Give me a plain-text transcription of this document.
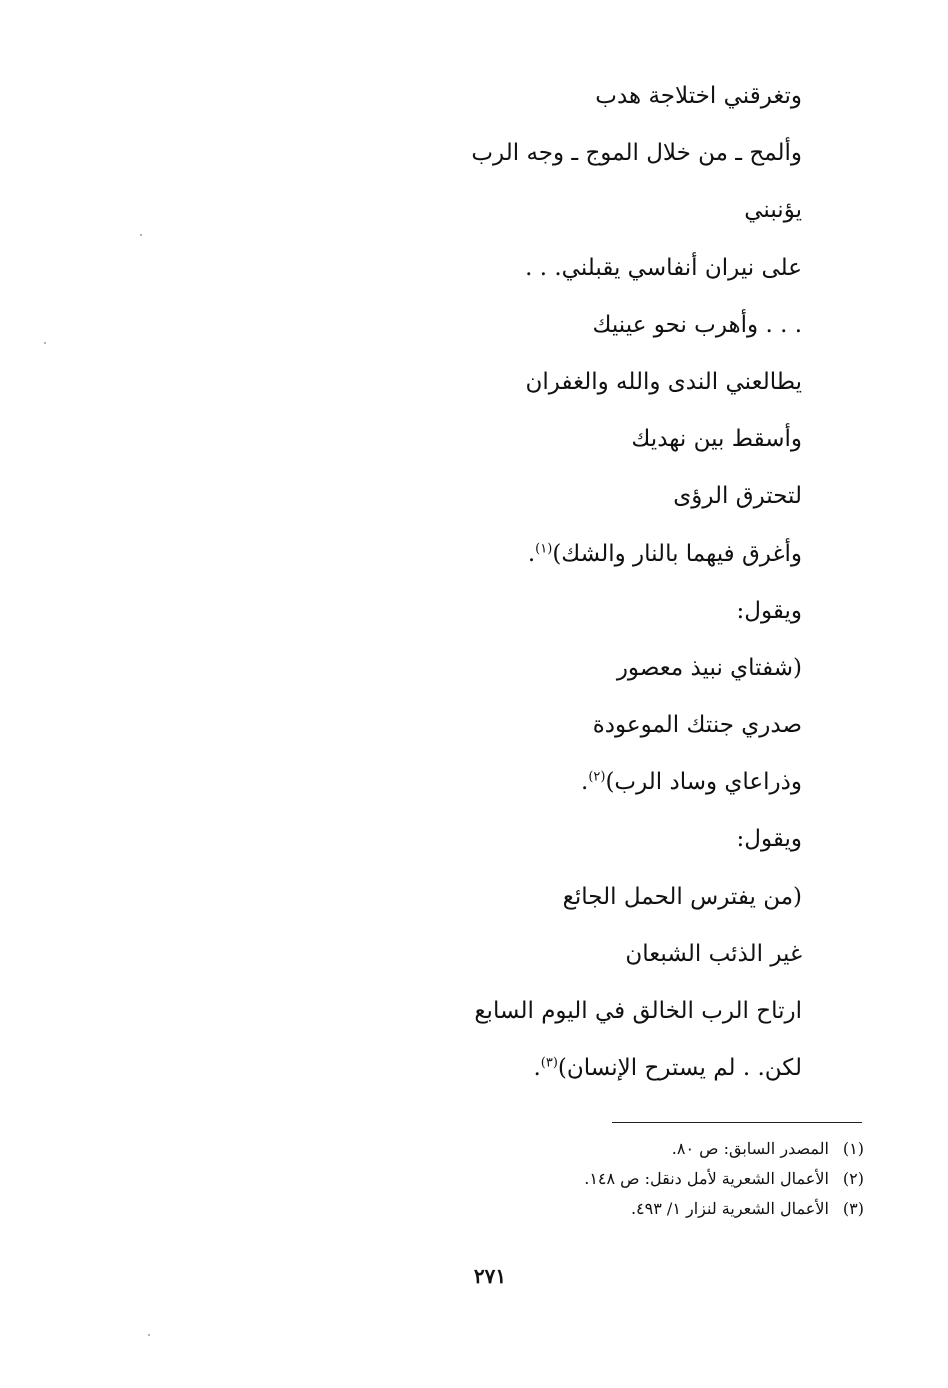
وتغرقني اختلاجة هدب
وألمح ـ من خلال الموج ـ وجه الرب
يؤنبني
على نيران أنفاسي يقبلني. . .
. . . وأهرب نحو عينيك
يطالعني الندى والله والغفران
وأسقط بين نهديك
لتحترق الرؤى
وأغرق فيهما بالنار والشك)$^{(١)}$.
ويقول:
(شفتاي نبيذ معصور
صدري جنتك الموعودة
وذراعاي وساد الرب)$^{(٢)}$.
ويقول:
(من يفترس الحمل الجائع
غير الذئب الشبعان
ارتاح الرب الخالق في اليوم السابع
لكن. . لم يسترح الإنسان)$^{(٣)}$.
(١)المصدر السابق: ص ٨٠.
(٢)الأعمال الشعرية لأمل دنقل: ص ١٤٨.
(٣)الأعمال الشعرية لنزار ١/ ٤٩٣.
٢٧١
